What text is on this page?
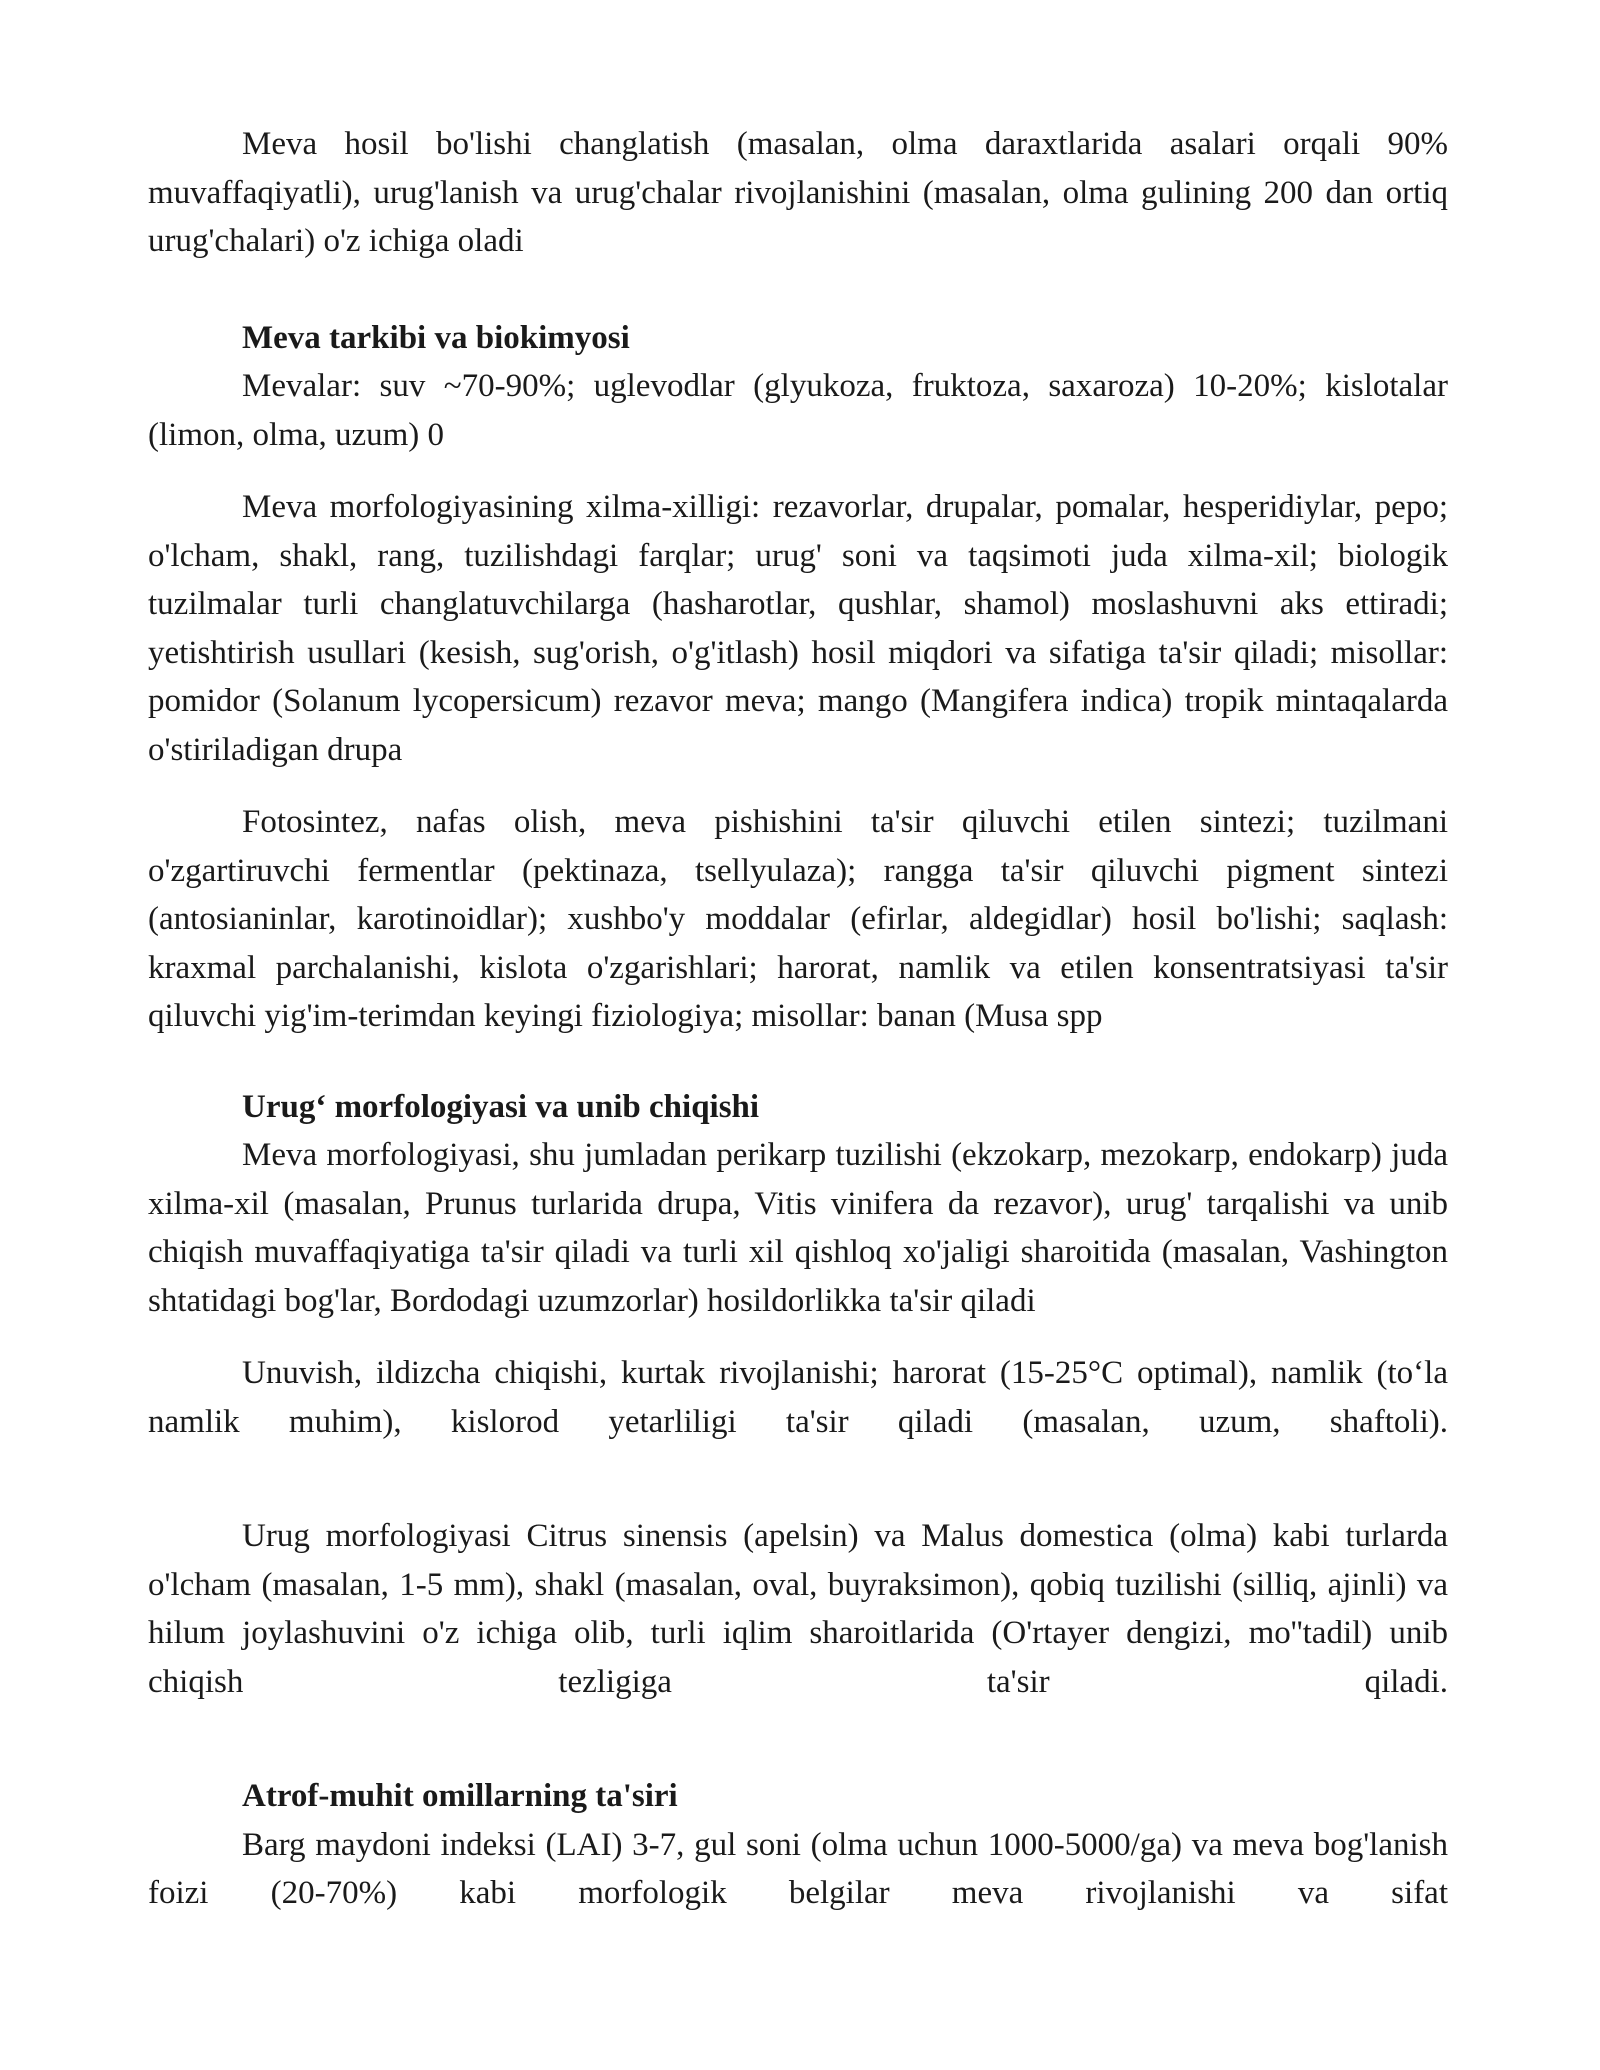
Meva hosil bo'lishi changlatish (masalan, olma daraxtlarida asalari orqali 90% muvaffaqiyatli), urug'lanish va urug'chalar rivojlanishini (masalan, olma gulining 200 dan ortiq urug'chalari) o'z ichiga oladi

Meva tarkibi va biokimyosi

Mevalar: suv ~70-90%; uglevodlar (glyukoza, fruktoza, saxaroza) 10-20%; kislotalar (limon, olma, uzum) 0

Meva morfologiyasining xilma-xilligi: rezavorlar, drupalar, pomalar, hesperidiylar, pepo; o'lcham, shakl, rang, tuzilishdagi farqlar; urug' soni va taqsimoti juda xilma-xil; biologik tuzilmalar turli changlatuvchilarga (hasharotlar, qushlar, shamol) moslashuvni aks ettiradi; yetishtirish usullari (kesish, sug'orish, o'g'itlash) hosil miqdori va sifatiga ta'sir qiladi; misollar: pomidor (Solanum lycopersicum) rezavor meva; mango (Mangifera indica) tropik mintaqalarda o'stiriladigan drupa

Fotosintez, nafas olish, meva pishishini ta'sir qiluvchi etilen sintezi; tuzilmani o'zgartiruvchi fermentlar (pektinaza, tsellyulaza); rangga ta'sir qiluvchi pigment sintezi (antosianinlar, karotinoidlar); xushbo'y moddalar (efirlar, aldegidlar) hosil bo'lishi; saqlash: kraxmal parchalanishi, kislota o'zgarishlari; harorat, namlik va etilen konsentratsiyasi ta'sir qiluvchi yig'im-terimdan keyingi fiziologiya; misollar: banan (Musa spp

Urug‘ morfologiyasi va unib chiqishi

Meva morfologiyasi, shu jumladan perikarp tuzilishi (ekzokarp, mezokarp, endokarp) juda xilma-xil (masalan, Prunus turlarida drupa, Vitis vinifera da rezavor), urug' tarqalishi va unib chiqish muvaffaqiyatiga ta'sir qiladi va turli xil qishloq xo'jaligi sharoitida (masalan, Vashington shtatidagi bog'lar, Bordodagi uzumzorlar) hosildorlikka ta'sir qiladi

Unuvish, ildizcha chiqishi, kurtak rivojlanishi; harorat (15-25°C optimal), namlik (to‘la namlik muhim), kislorod yetarliligi ta'sir qiladi (masalan, uzum, shaftoli).

Urug morfologiyasi Citrus sinensis (apelsin) va Malus domestica (olma) kabi turlarda o'lcham (masalan, 1-5 mm), shakl (masalan, oval, buyraksimon), qobiq tuzilishi (silliq, ajinli) va hilum joylashuvini o'z ichiga olib, turli iqlim sharoitlarida (O'rtayer dengizi, mo''tadil) unib chiqish tezligiga ta'sir qiladi.

Atrof-muhit omillarning ta'siri

Barg maydoni indeksi (LAI) 3-7, gul soni (olma uchun 1000-5000/ga) va meva bog'lanish foizi (20-70%) kabi morfologik belgilar meva rivojlanishi va sifat
